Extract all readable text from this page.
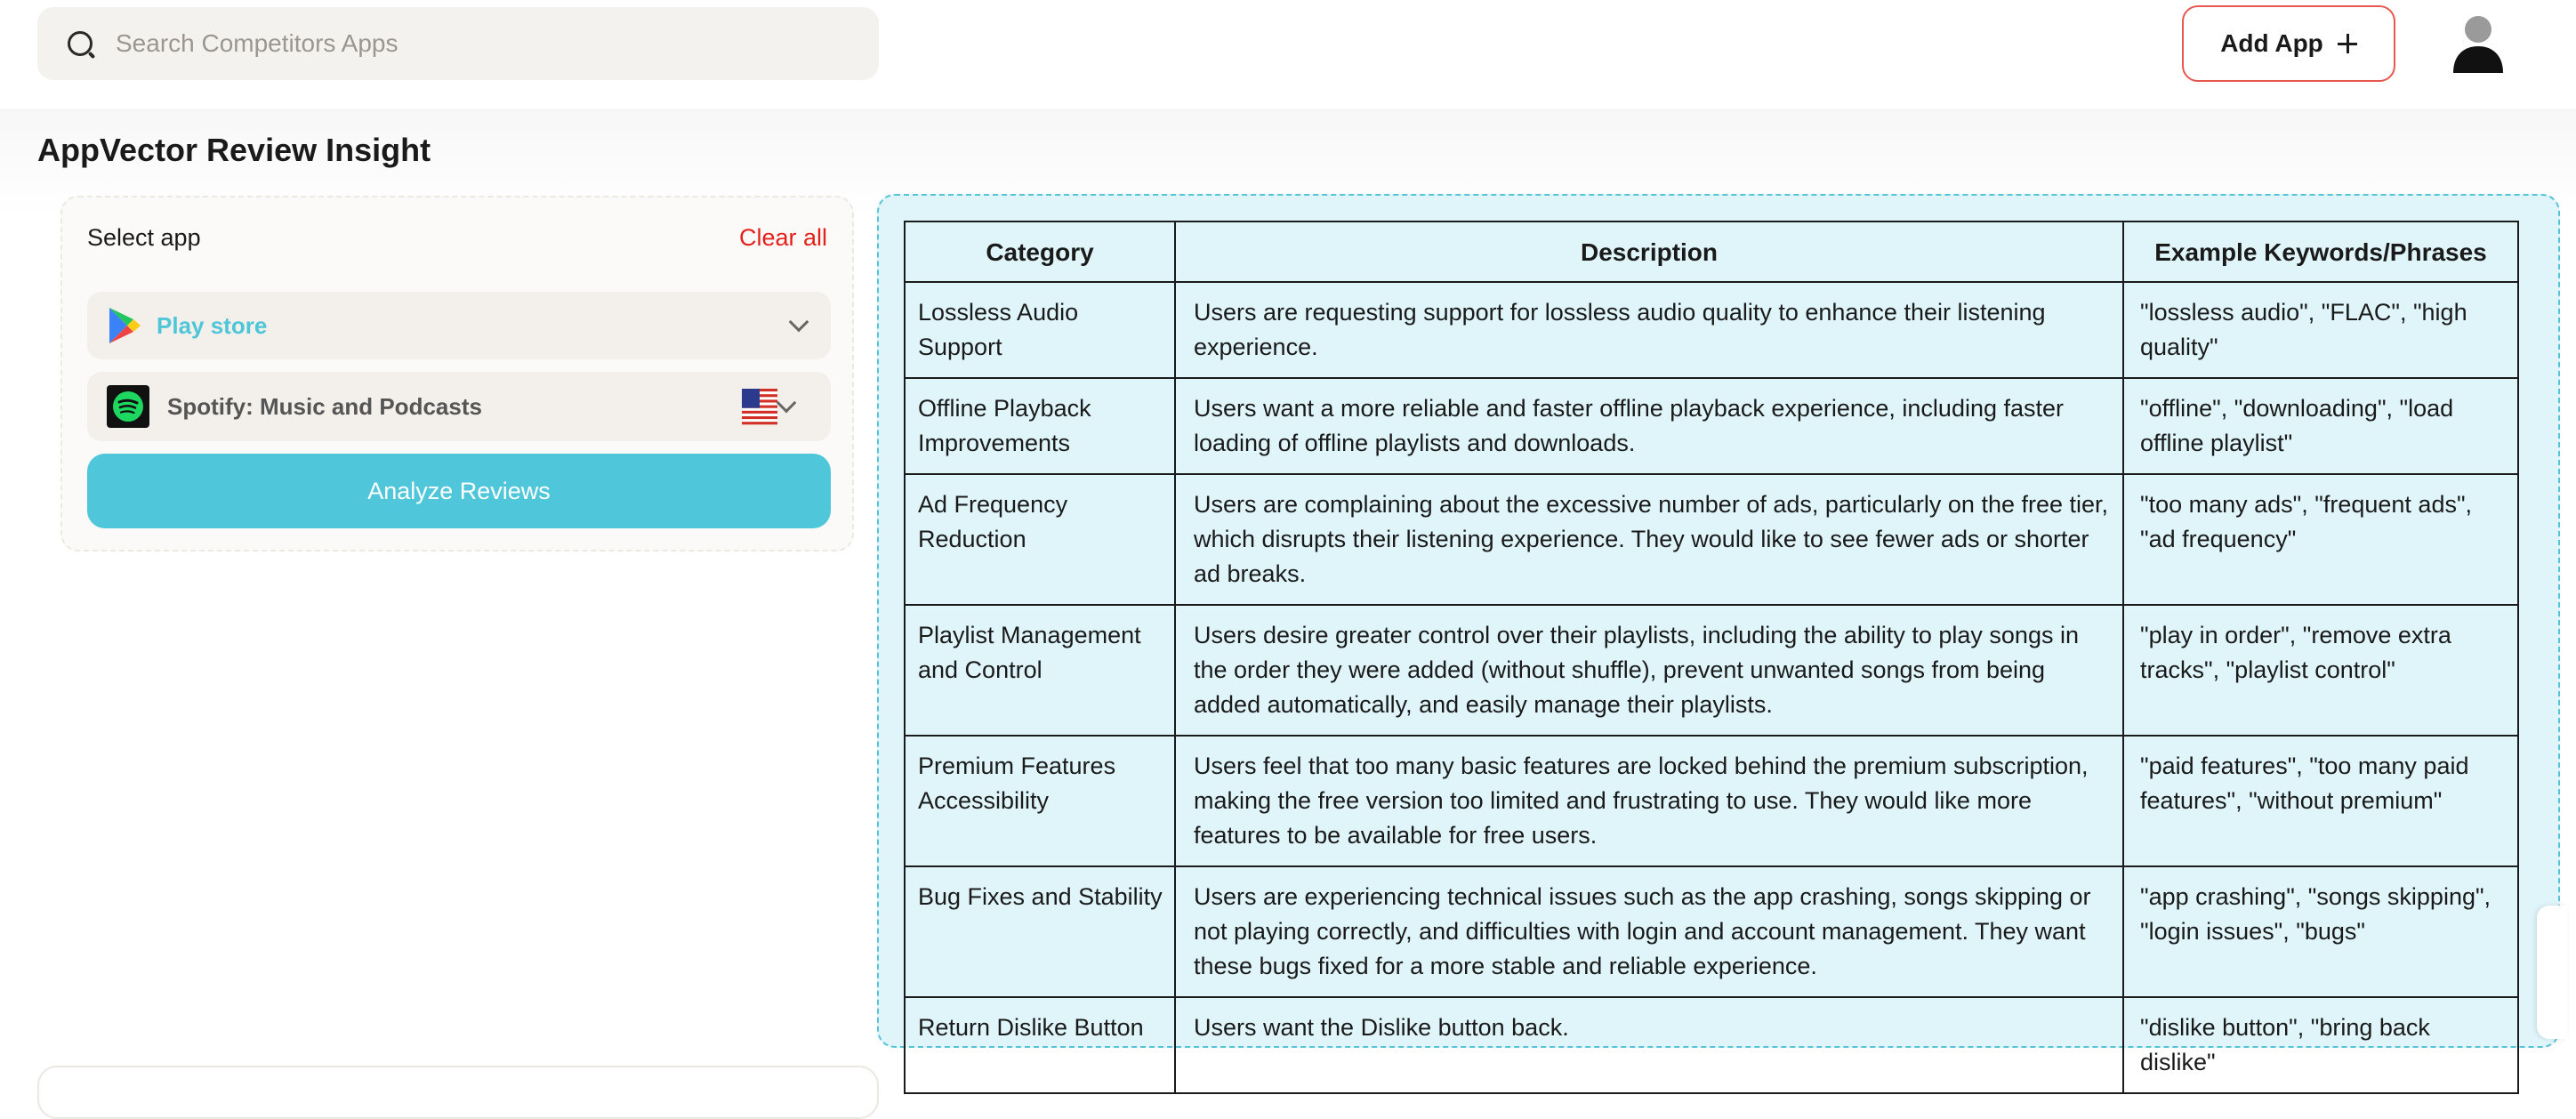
Search Competitors Apps
Add App
AppVector Review Insight
Select app	Clear all
Play store
Spotify: Music and Podcasts
Analyze Reviews
Category	Description	Example Keywords/Phrases
Lossless Audio Support	Users are requesting support for lossless audio quality to enhance their listening experience.	"lossless audio", "FLAC", "high quality"
Offline Playback Improvements	Users want a more reliable and faster offline playback experience, including faster loading of offline playlists and downloads.	"offline", "downloading", "load offline playlist"
Ad Frequency Reduction	Users are complaining about the excessive number of ads, particularly on the free tier, which disrupts their listening experience. They would like to see fewer ads or shorter ad breaks.	"too many ads", "frequent ads", "ad frequency"
Playlist Management and Control	Users desire greater control over their playlists, including the ability to play songs in the order they were added (without shuffle), prevent unwanted songs from being added automatically, and easily manage their playlists.	"play in order", "remove extra tracks", "playlist control"
Premium Features Accessibility	Users feel that too many basic features are locked behind the premium subscription, making the free version too limited and frustrating to use. They would like more features to be available for free users.	"paid features", "too many paid features", "without premium"
Bug Fixes and Stability	Users are experiencing technical issues such as the app crashing, songs skipping or not playing correctly, and difficulties with login and account management. They want these bugs fixed for a more stable and reliable experience.	"app crashing", "songs skipping", "login issues", "bugs"
Return Dislike Button	Users want the Dislike button back.	"dislike button", "bring back dislike"
